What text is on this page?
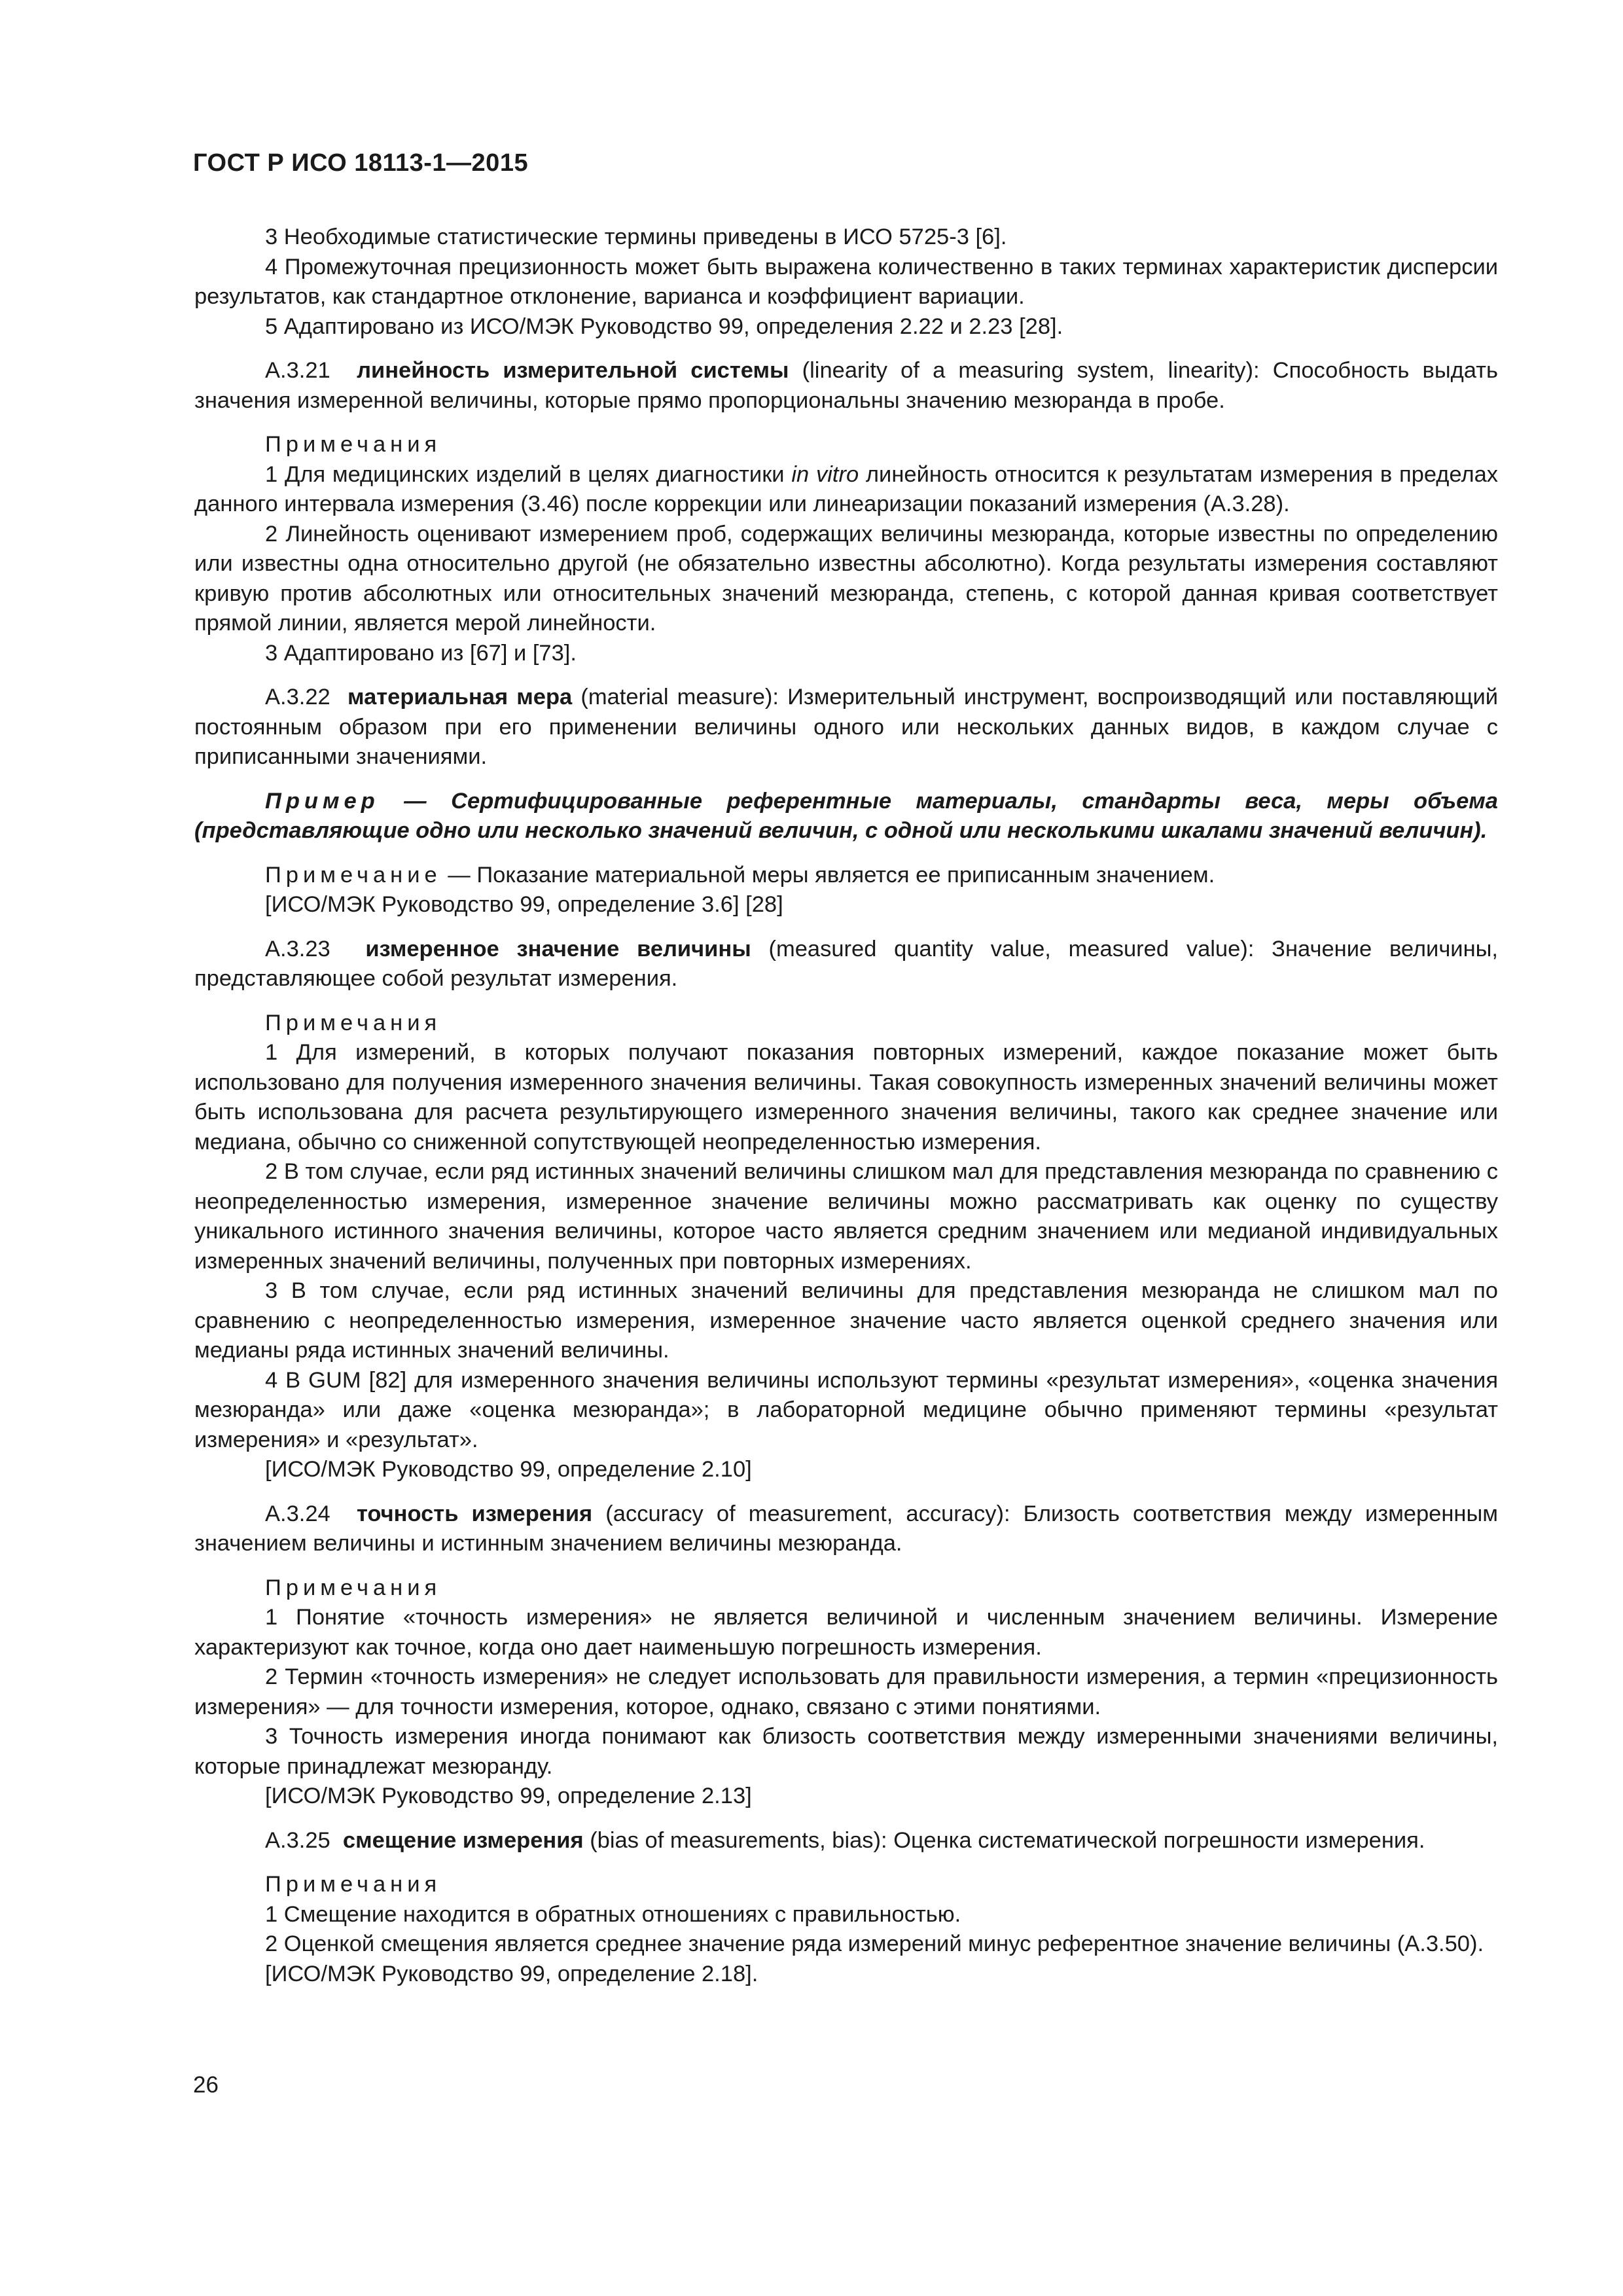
ГОСТ Р ИСО 18113-1—2015

3 Необходимые статистические термины приведены в ИСО 5725-3 [6].

4 Промежуточная прецизионность может быть выражена количественно в таких терминах характеристик дисперсии результатов, как стандартное отклонение, варианса и коэффициент вариации.

5 Адаптировано из ИСО/МЭК Руководство 99, определения 2.22 и 2.23 [28].

А.3.21 линейность измерительной системы (linearity of a measuring system, linearity): Способность выдать значения измеренной величины, которые прямо пропорциональны значению мезюранда в пробе.

Примечания

1 Для медицинских изделий в целях диагностики in vitro линейность относится к результатам измерения в пределах данного интервала измерения (3.46) после коррекции или линеаризации показаний измерения (А.3.28).

2 Линейность оценивают измерением проб, содержащих величины мезюранда, которые известны по определению или известны одна относительно другой (не обязательно известны абсолютно). Когда результаты измерения составляют кривую против абсолютных или относительных значений мезюранда, степень, с которой данная кривая соответствует прямой линии, является мерой линейности.

3 Адаптировано из [67] и [73].

А.3.22 материальная мера (material measure): Измерительный инструмент, воспроизводящий или поставляющий постоянным образом при его применении величины одного или нескольких данных видов, в каждом случае с приписанными значениями.

Пример — Сертифицированные референтные материалы, стандарты веса, меры объема (представляющие одно или несколько значений величин, с одной или несколькими шкалами значений величин).

Примечание — Показание материальной меры является ее приписанным значением.

[ИСО/МЭК Руководство 99, определение 3.6] [28]

А.3.23 измеренное значение величины (measured quantity value, measured value): Значение величины, представляющее собой результат измерения.

Примечания

1 Для измерений, в которых получают показания повторных измерений, каждое показание может быть использовано для получения измеренного значения величины. Такая совокупность измеренных значений величины может быть использована для расчета результирующего измеренного значения величины, такого как среднее значение или медиана, обычно со сниженной сопутствующей неопределенностью измерения.

2 В том случае, если ряд истинных значений величины слишком мал для представления мезюранда по сравнению с неопределенностью измерения, измеренное значение величины можно рассматривать как оценку по существу уникального истинного значения величины, которое часто является средним значением или медианой индивидуальных измеренных значений величины, полученных при повторных измерениях.

3 В том случае, если ряд истинных значений величины для представления мезюранда не слишком мал по сравнению с неопределенностью измерения, измеренное значение часто является оценкой среднего значения или медианы ряда истинных значений величины.

4 В GUM [82] для измеренного значения величины используют термины «результат измерения», «оценка значения мезюранда» или даже «оценка мезюранда»; в лабораторной медицине обычно применяют термины «результат измерения» и «результат».

[ИСО/МЭК Руководство 99, определение 2.10]

А.3.24 точность измерения (accuracy of measurement, accuracy): Близость соответствия между измеренным значением величины и истинным значением величины мезюранда.

Примечания

1 Понятие «точность измерения» не является величиной и численным значением величины. Измерение характеризуют как точное, когда оно дает наименьшую погрешность измерения.

2 Термин «точность измерения» не следует использовать для правильности измерения, а термин «прецизионность измерения» — для точности измерения, которое, однако, связано с этими понятиями.

3 Точность измерения иногда понимают как близость соответствия между измеренными значениями величины, которые принадлежат мезюранду.

[ИСО/МЭК Руководство 99, определение 2.13]

А.3.25 смещение измерения (bias of measurements, bias): Оценка систематической погрешности измерения.

Примечания

1 Смещение находится в обратных отношениях с правильностью.

2 Оценкой смещения является среднее значение ряда измерений минус референтное значение величины (А.3.50).

[ИСО/МЭК Руководство 99, определение 2.18].

26
